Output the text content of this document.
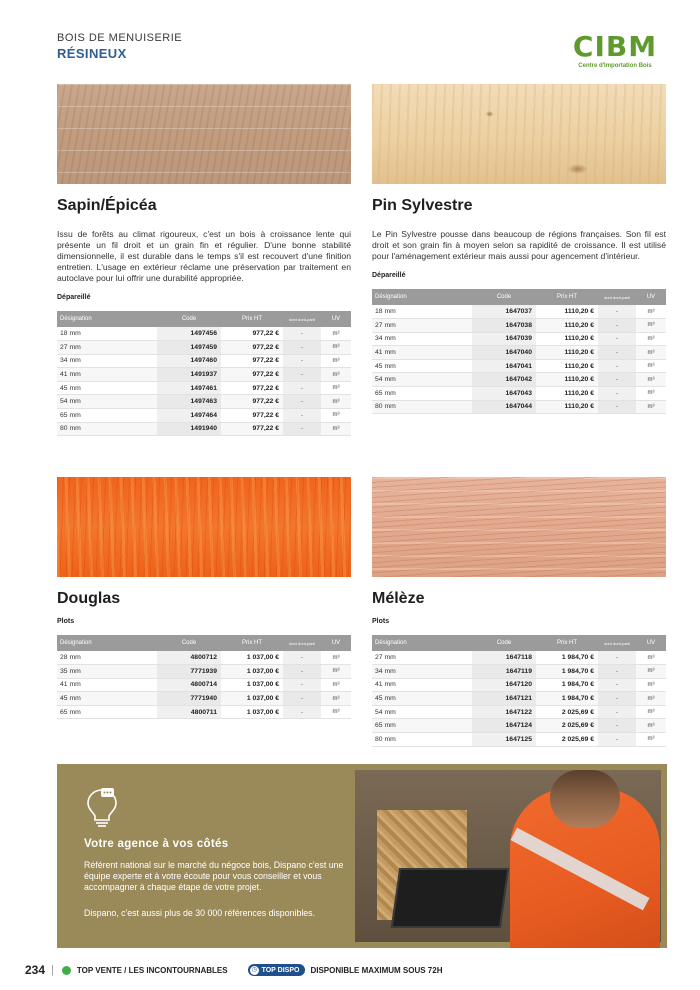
BOIS DE MENUISERIE
RÉSINEUX	CIBM
Centre d'Importation Bois
Sapin/Épicéa
Issu de forêts au climat rigoureux, c'est un bois à croissance lente qui présente un fil droit et un grain fin et régulier. D'une bonne stabilité dimensionnelle, il est durable dans le temps s'il est recouvert d'une finition entretien. L'usage en extérieur réclame une préservation par traitement en autoclave pour lui offrir une durabilité appropriée.
Dépareillé
Désignation	Code	Prix HT	dont dont-parti	UV
18 mm	1497456	977,22 €	-	m³
27 mm	1497459	977,22 €	-	m³
34 mm	1497460	977,22 €	-	m³
41 mm	1491937	977,22 €	-	m³
45 mm	1497461	977,22 €	-	m³
54 mm	1497463	977,22 €	-	m³
65 mm	1497464	977,22 €	-	m³
80 mm	1491940	977,22 €	-	m³
Pin Sylvestre
Le Pin Sylvestre pousse dans beaucoup de régions françaises. Son fil est droit et son grain fin à moyen selon sa rapidité de croissance. Il est utilisé pour l'aménagement extérieur mais aussi pour agencement d'intérieur.
Dépareillé
Désignation	Code	Prix HT	dont dont-parti	UV
18 mm	1647037	1110,20 €	-	m³
27 mm	1647038	1110,20 €	-	m³
34 mm	1647039	1110,20 €	-	m³
41 mm	1647040	1110,20 €	-	m³
45 mm	1647041	1110,20 €	-	m³
54 mm	1647042	1110,20 €	-	m³
65 mm	1647043	1110,20 €	-	m³
80 mm	1647044	1110,20 €	-	m³
Douglas
Plots
Désignation	Code	Prix HT	dont dont-parti	UV
28 mm	4800712	1 037,00 €	-	m³
35 mm	7771939	1 037,00 €	-	m³
41 mm	4800714	1 037,00 €	-	m³
45 mm	7771940	1 037,00 €	-	m³
65 mm	4800711	1 037,00 €	-	m³
Mélèze
Plots
Désignation	Code	Prix HT	dont dont-parti	UV
27 mm	1647118	1 984,70 €	-	m³
34 mm	1647119	1 984,70 €	-	m³
41 mm	1647120	1 984,70 €	-	m³
45 mm	1647121	1 984,70 €	-	m³
54 mm	1647122	2 025,69 €	-	m³
65 mm	1647124	2 025,69 €	-	m³
80 mm	1647125	2 025,69 €	-	m³
Votre agence à vos côtés
Référent national sur le marché du négoce bois, Dispano c'est une équipe experte et à votre écoute pour vous conseiller et vous accompagner à chaque étape de votre projet.
Dispano, c'est aussi plus de 30 000 références disponibles.
234 |	TOP VENTE / LES INCONTOURNABLES	◷ TOP DISPO DISPONIBLE MAXIMUM SOUS 72H
